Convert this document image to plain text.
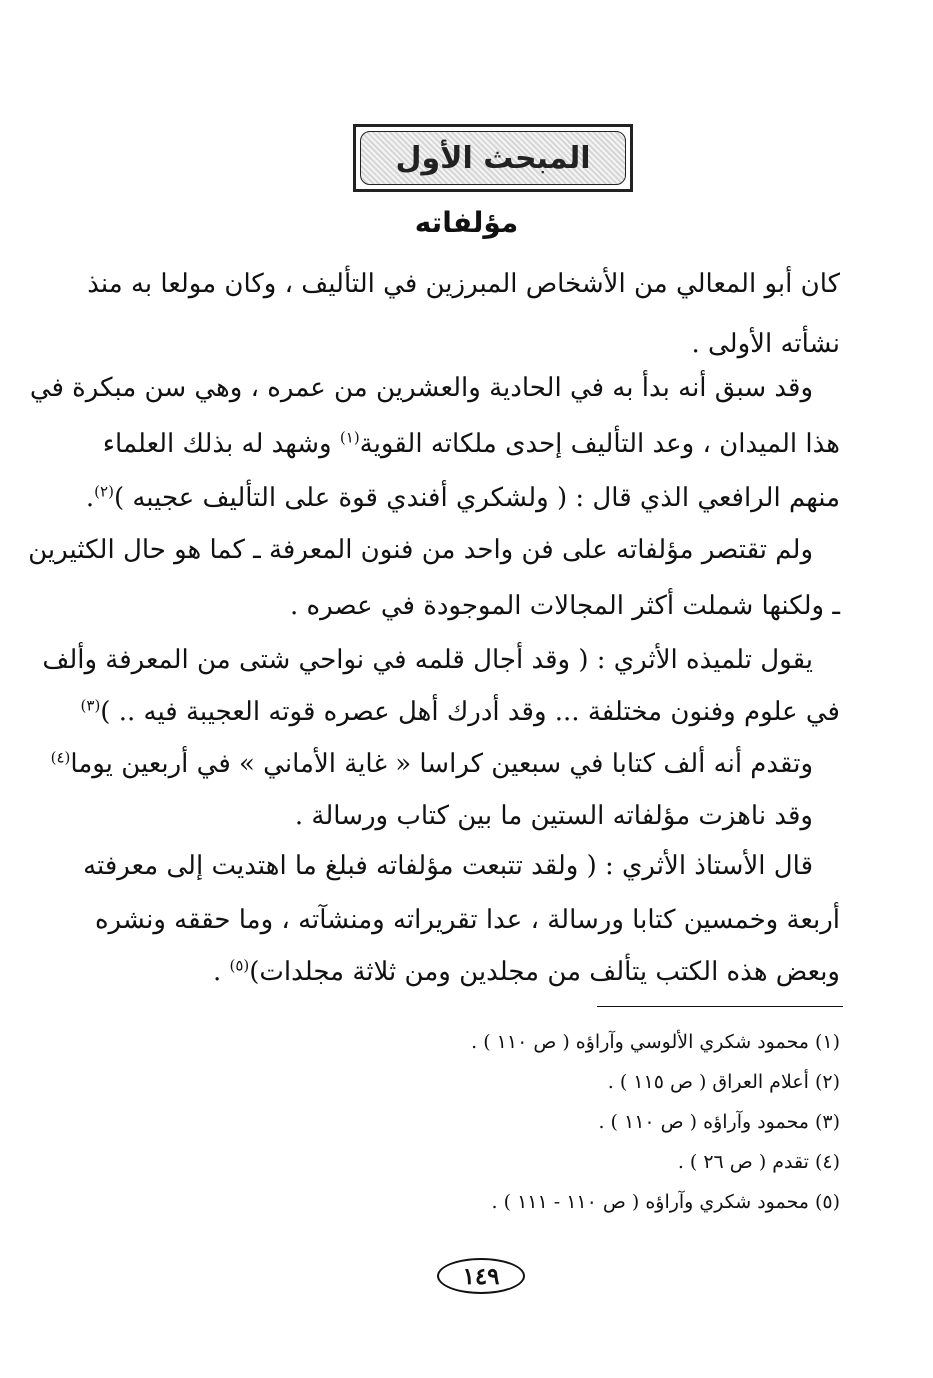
المبحث الأول
مؤلفاته
كان أبو المعالي من الأشخاص المبرزين في التأليف ، وكان مولعا به منذ
نشأته الأولى .
وقد سبق أنه بدأ به في الحادية والعشرين من عمره ، وهي سن مبكرة في
هذا الميدان ، وعد التأليف إحدى ملكاته القوية$^{(١)}$ وشهد له بذلك العلماء
منهم الرافعي الذي قال : ( ولشكري أفندي قوة على التأليف عجيبه )$^{(٢)}$.
ولم تقتصر مؤلفاته على فن واحد من فنون المعرفة ـ كما هو حال الكثيرين
ـ ولكنها شملت أكثر المجالات الموجودة في عصره .
يقول تلميذه الأثري : ( وقد أجال قلمه في نواحي شتى من المعرفة وألف
في علوم وفنون مختلفة ... وقد أدرك أهل عصره قوته العجيبة فيه .. )$^{(٣)}$
وتقدم أنه ألف كتابا في سبعين كراسا « غاية الأماني » في أربعين يوما$^{(٤)}$
وقد ناهزت مؤلفاته الستين ما بين كتاب ورسالة .
قال الأستاذ الأثري : ( ولقد تتبعت مؤلفاته فبلغ ما اهتديت إلى معرفته
أربعة وخمسين كتابا ورسالة ، عدا تقريراته ومنشآته ، وما حققه ونشره
وبعض هذه الكتب يتألف من مجلدين ومن ثلاثة مجلدات)$^{(٥)}$ .
(١) محمود شكري الألوسي وآراؤه ( ص ١١٠ ) .
(٢) أعلام العراق ( ص ١١٥ ) .
(٣) محمود وآراؤه ( ص ١١٠ ) .
(٤) تقدم ( ص ٢٦ ) .
(٥) محمود شكري وآراؤه ( ص ١١٠ - ١١١ ) .
١٤٩
